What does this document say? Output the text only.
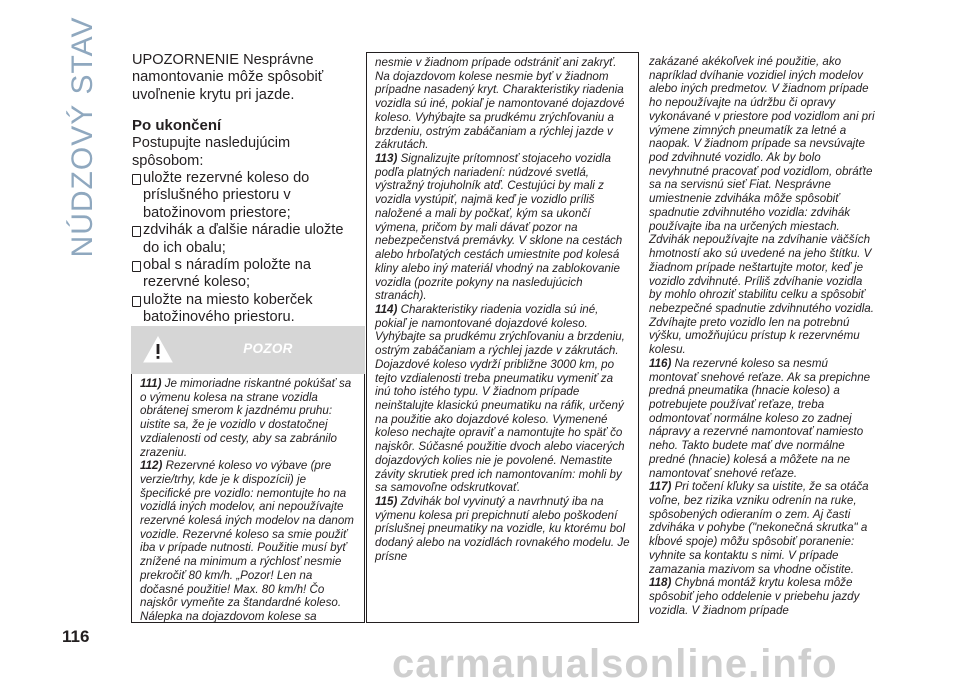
NÚDZOVÝ STAV UPOZORNENIE Nesprávne namontovanie môže spôsobiť uvoľnenie krytu pri jazde.

Po ukončení

Postupujte nasledujúcim spôsobom:

uložte rezervné koleso do príslušného priestoru v batožinovom priestore;

zdvihák a ďalšie náradie uložte do ich obalu;

obal s náradím položte na rezervné koleso;

uložte na miesto koberček batožinového priestoru.

POZOR
111) Je mimoriadne riskantné pokúšať sa o výmenu kolesa na strane vozidla obrátenej smerom k jazdnému pruhu: uistite sa, že je vozidlo v dostatočnej vzdialenosti od cesty, aby sa zabránilo zrazeniu.
112) Rezervné koleso vo výbave (pre verzie/trhy, kde je k dispozícii) je špecifické pre vozidlo: nemontujte ho na vozidlá iných modelov, ani nepoužívajte rezervné kolesá iných modelov na danom vozidle. Rezervné koleso sa smie použiť iba v prípade nutnosti. Použitie musí byť znížené na minimum a rýchlosť nesmie prekročiť 80 km/h. „Pozor! Len na dočasné použitie! Max. 80 km/h! Čo najskôr vymeňte za štandardné koleso. Nálepka na dojazdovom kolese sa
nesmie v žiadnom prípade odstrániť ani zakryť. Na dojazdovom kolese nesmie byť v žiadnom prípadne nasadený kryt. Charakteristiky riadenia vozidla sú iné, pokiaľ je namontované dojazdové koleso. Vyhýbajte sa prudkému zrýchľovaniu a brzdeniu, ostrým zabáčaniam a rýchlej jazde v zákrutách.
113) Signalizujte prítomnosť stojaceho vozidla podľa platných nariadení: núdzové svetlá, výstražný trojuholník atď. Cestujúci by mali z vozidla vystúpiť, najmä keď je vozidlo príliš naložené a mali by počkať, kým sa ukončí výmena, pričom by mali dávať pozor na nebezpečenstvá premávky. V sklone na cestách alebo hrboľatých cestách umiestnite pod kolesá kliny alebo iný materiál vhodný na zablokovanie vozidla (pozrite pokyny na nasledujúcich stranách).
114) Charakteristiky riadenia vozidla sú iné, pokiaľ je namontované dojazdové koleso. Vyhýbajte sa prudkému zrýchľovaniu a brzdeniu, ostrým zabáčaniam a rýchlej jazde v zákrutách. Dojazdové koleso vydrží približne 3000 km, po tejto vzdialenosti treba pneumatiku vymeniť za inú toho istého typu. V žiadnom prípade neinštalujte klasickú pneumatiku na ráfik, určený na použitie ako dojazdové koleso. Vymenené koleso nechajte opraviť a namontujte ho späť čo najskôr. Súčasné použitie dvoch alebo viacerých dojazdových kolies nie je povolené. Nemastite závity skrutiek pred ich namontovaním: mohli by sa samovoľne odskrutkovať.
115) Zdvihák bol vyvinutý a navrhnutý iba na výmenu kolesa pri prepichnutí alebo poškodení príslušnej pneumatiky na vozidle, ku ktorému bol dodaný alebo na vozidlách rovnakého modelu. Je prísne
zakázané akékoľvek iné použitie, ako napríklad dvíhanie vozidiel iných modelov alebo iných predmetov. V žiadnom prípade ho nepoužívajte na údržbu či opravy vykonávané v priestore pod vozidlom ani pri výmene zimných pneumatík za letné a naopak. V žiadnom prípade sa nevsúvajte pod zdvihnuté vozidlo. Ak by bolo nevyhnutné pracovať pod vozidlom, obráťte sa na servisnú sieť Fiat. Nesprávne umiestnenie zdviháka môže spôsobiť spadnutie zdvihnutého vozidla: zdvihák používajte iba na určených miestach. Zdvihák nepoužívajte na zdvíhanie väčších hmotností ako sú uvedené na jeho štítku. V žiadnom prípade neštartujte motor, keď je vozidlo zdvihnuté. Príliš zdvíhanie vozidla by mohlo ohroziť stabilitu celku a spôsobiť nebezpečné spadnutie zdvihnutého vozidla. Zdvíhajte preto vozidlo len na potrebnú výšku, umožňujúcu prístup k rezervnému kolesu.
116) Na rezervné koleso sa nesmú montovať snehové reťaze. Ak sa prepichne predná pneumatika (hnacie koleso) a potrebujete používať reťaze, treba odmontovať normálne koleso zo zadnej nápravy a rezervné namontovať namiesto neho. Takto budete mať dve normálne predné (hnacie) kolesá a môžete na ne namontovať snehové reťaze.
117) Pri točení kľuky sa uistite, že sa otáča voľne, bez rizika vzniku odrenín na ruke, spôsobených odieraním o zem. Aj časti zdviháka v pohybe ("nekonečná skrutka" a kĺbové spoje) môžu spôsobiť poranenie: vyhnite sa kontaktu s nimi. V prípade zamazania mazivom sa vhodne očistite.
118) Chybná montáž krytu kolesa môže spôsobiť jeho oddelenie v priebehu jazdy vozidla. V žiadnom prípade
116
carmanualsonline.info
